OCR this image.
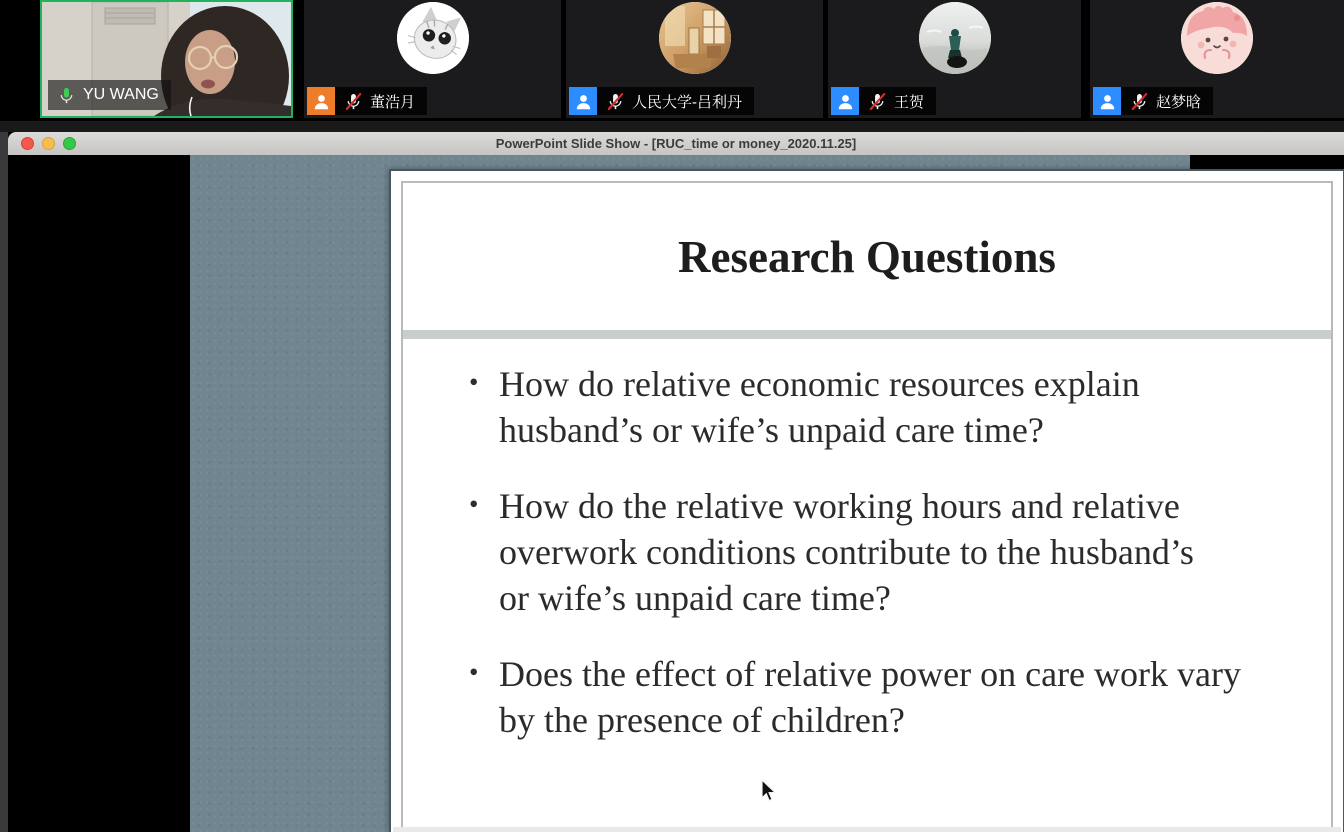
YU WANG	董浩月	人民大学-吕利丹	王贺	赵梦晗
PowerPoint Slide Show - [RUC_time or money_2020.11.25]
Research Questions
• How do relative economic resources explain
husband’s or wife’s unpaid care time?
• How do the relative working hours and relative
overwork conditions contribute to the husband’s
or wife’s unpaid care time?
• Does the effect of relative power on care work vary
by the presence of children?
